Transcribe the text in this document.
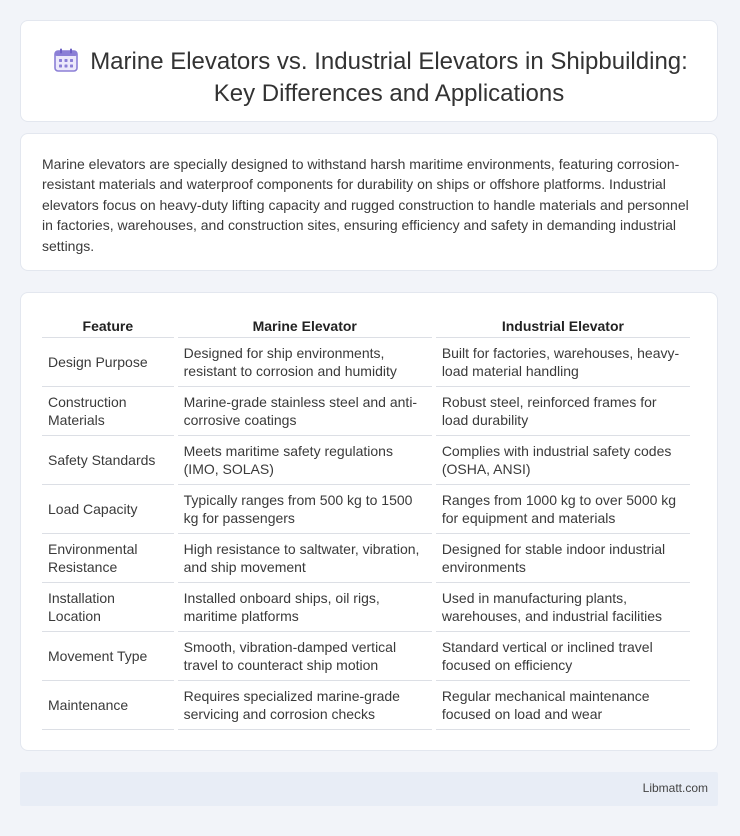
Marine Elevators vs. Industrial Elevators in Shipbuilding: Key Differences and Applications

Marine elevators are specially designed to withstand harsh maritime environments, featuring corrosion-resistant materials and waterproof components for durability on ships or offshore platforms. Industrial elevators focus on heavy-duty lifting capacity and rugged construction to handle materials and personnel in factories, warehouses, and construction sites, ensuring efficiency and safety in demanding industrial settings.

Feature	Marine Elevator	Industrial Elevator
Design Purpose	Designed for ship environments, resistant to corrosion and humidity	Built for factories, warehouses, heavy-load material handling
Construction Materials	Marine-grade stainless steel and anti-corrosive coatings	Robust steel, reinforced frames for load durability
Safety Standards	Meets maritime safety regulations (IMO, SOLAS)	Complies with industrial safety codes (OSHA, ANSI)
Load Capacity	Typically ranges from 500 kg to 1500 kg for passengers	Ranges from 1000 kg to over 5000 kg for equipment and materials
Environmental Resistance	High resistance to saltwater, vibration, and ship movement	Designed for stable indoor industrial environments
Installation Location	Installed onboard ships, oil rigs, maritime platforms	Used in manufacturing plants, warehouses, and industrial facilities
Movement Type	Smooth, vibration-damped vertical travel to counteract ship motion	Standard vertical or inclined travel focused on efficiency
Maintenance	Requires specialized marine-grade servicing and corrosion checks	Regular mechanical maintenance focused on load and wear
Libmatt.com
